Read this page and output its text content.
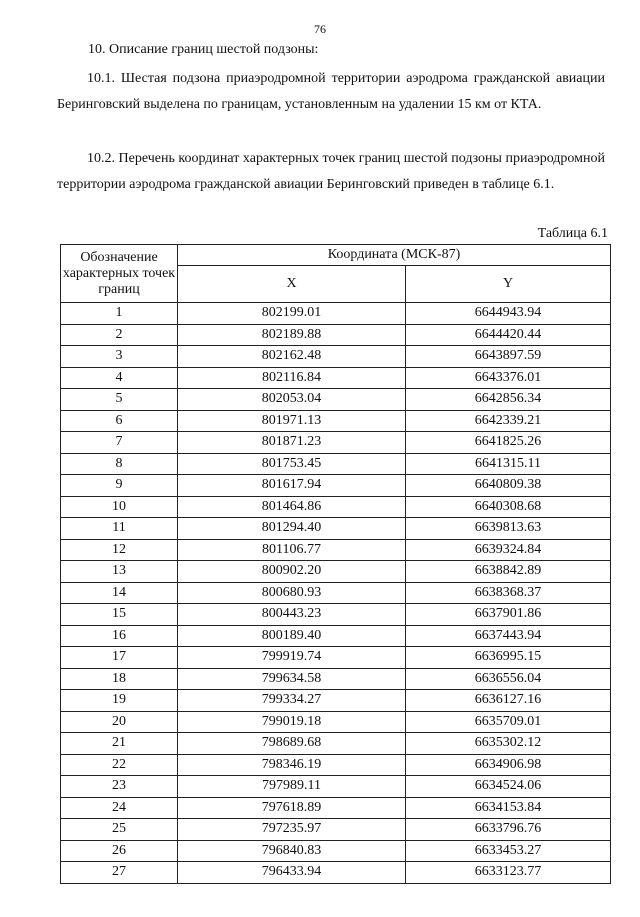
76
10. Описание границ шестой подзоны:

10.1. Шестая подзона приаэродромной территории аэродрома гражданской авиации Беринговский выделена по границам, установленным на удалении 15 км от КТА.

10.2. Перечень координат характерных точек границ шестой подзоны приаэродромной территории аэродрома гражданской авиации Беринговский приведен в таблице 6.1.

Таблица 6.1
Обозначение характерных точек границ	Координата (МСК-87)	
	X	Y
1	802199.01	6644943.94
2	802189.88	6644420.44
3	802162.48	6643897.59
4	802116.84	6643376.01
5	802053.04	6642856.34
6	801971.13	6642339.21
7	801871.23	6641825.26
8	801753.45	6641315.11
9	801617.94	6640809.38
10	801464.86	6640308.68
11	801294.40	6639813.63
12	801106.77	6639324.84
13	800902.20	6638842.89
14	800680.93	6638368.37
15	800443.23	6637901.86
16	800189.40	6637443.94
17	799919.74	6636995.15
18	799634.58	6636556.04
19	799334.27	6636127.16
20	799019.18	6635709.01
21	798689.68	6635302.12
22	798346.19	6634906.98
23	797989.11	6634524.06
24	797618.89	6634153.84
25	797235.97	6633796.76
26	796840.83	6633453.27
27	796433.94	6633123.77
